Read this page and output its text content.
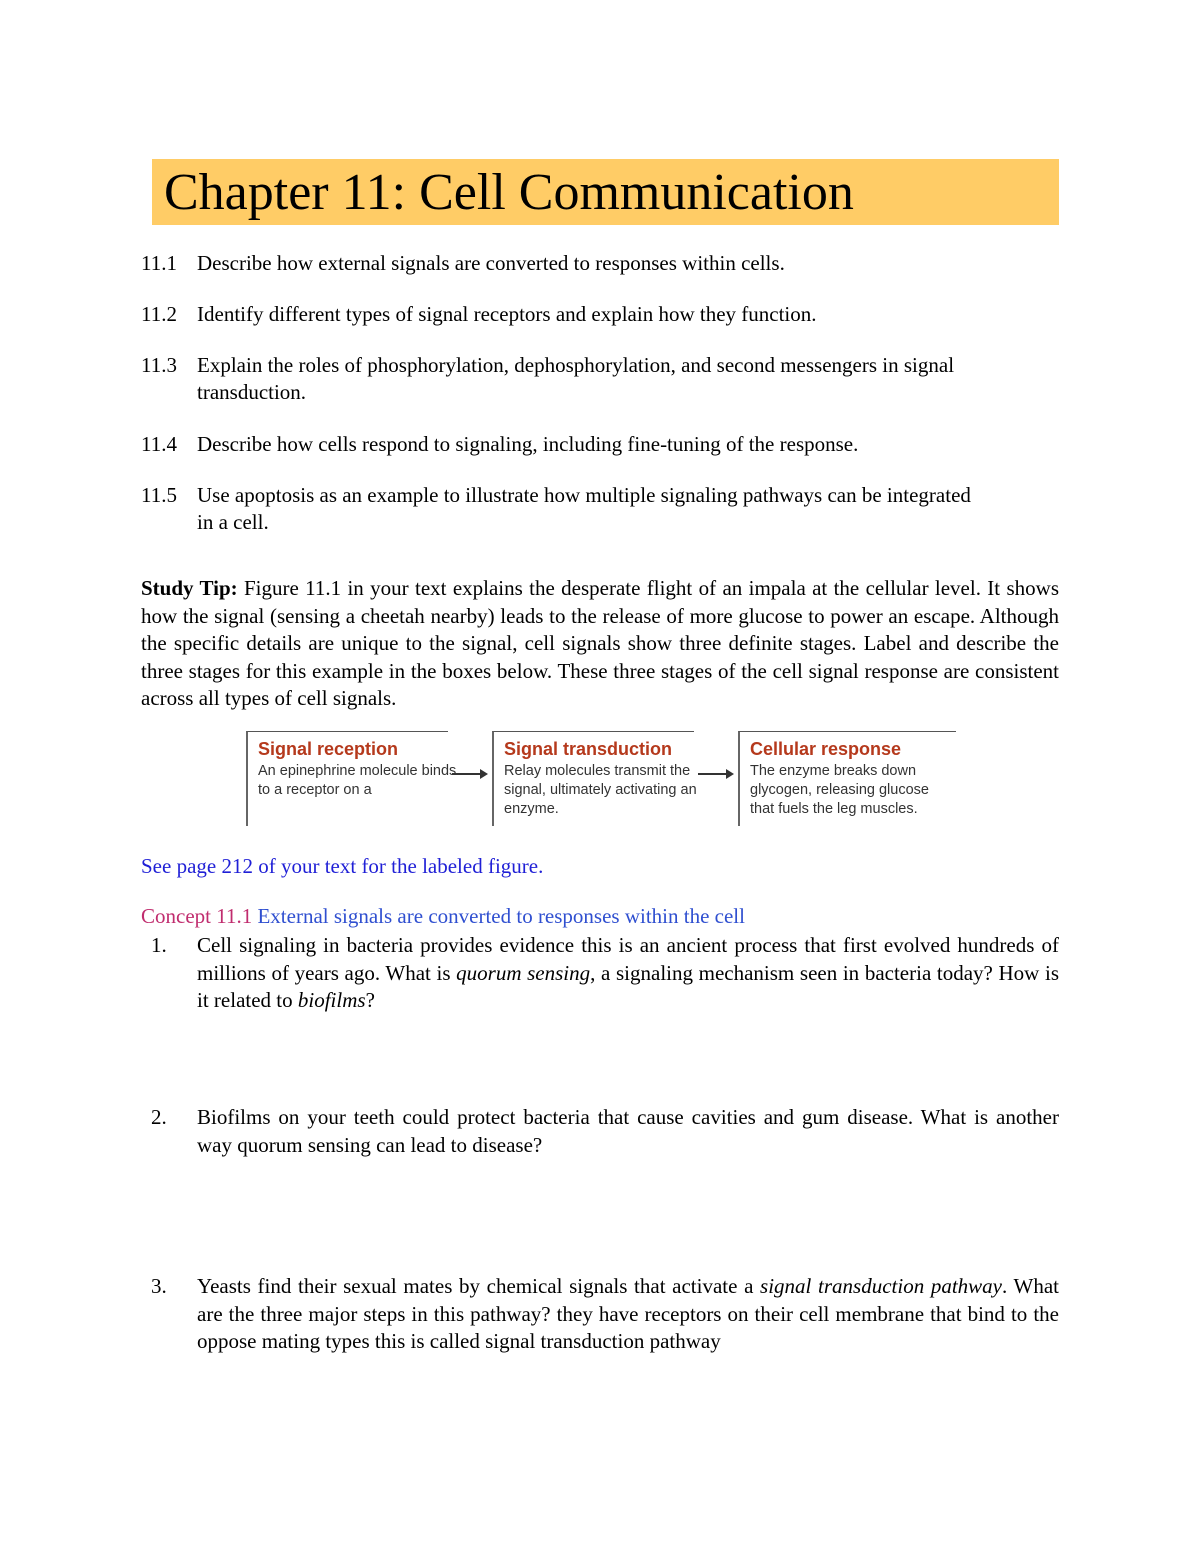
Chapter 11: Cell Communication
11.1 Describe how external signals are converted to responses within cells.
11.2 Identify different types of signal receptors and explain how they function.
11.3 Explain the roles of phosphorylation, dephosphorylation, and second messengers in signal transduction.
11.4 Describe how cells respond to signaling, including fine-tuning of the response.
11.5 Use apoptosis as an example to illustrate how multiple signaling pathways can be integrated in a cell.
Study Tip: Figure 11.1 in your text explains the desperate flight of an impala at the cellular level. It shows how the signal (sensing a cheetah nearby) leads to the release of more glucose to power an escape. Although the specific details are unique to the signal, cell signals show three definite stages. Label and describe the three stages for this example in the boxes below. These three stages of the cell signal response are consistent across all types of cell signals.
Signal reception
An epinephrine molecule binds to a receptor on a
Signal transduction
Relay molecules transmit the signal, ultimately activating an enzyme.
Cellular response
The enzyme breaks down glycogen, releasing glucose that fuels the leg muscles.
See page 212 of your text for the labeled figure.
Concept 11.1 External signals are converted to responses within the cell
1. Cell signaling in bacteria provides evidence this is an ancient process that first evolved hundreds of millions of years ago. What is quorum sensing, a signaling mechanism seen in bacteria today? How is it related to biofilms?
2. Biofilms on your teeth could protect bacteria that cause cavities and gum disease. What is another way quorum sensing can lead to disease?
3. Yeasts find their sexual mates by chemical signals that activate a signal transduction pathway. What are the three major steps in this pathway? they have receptors on their cell membrane that bind to the oppose mating types this is called signal transduction pathway
